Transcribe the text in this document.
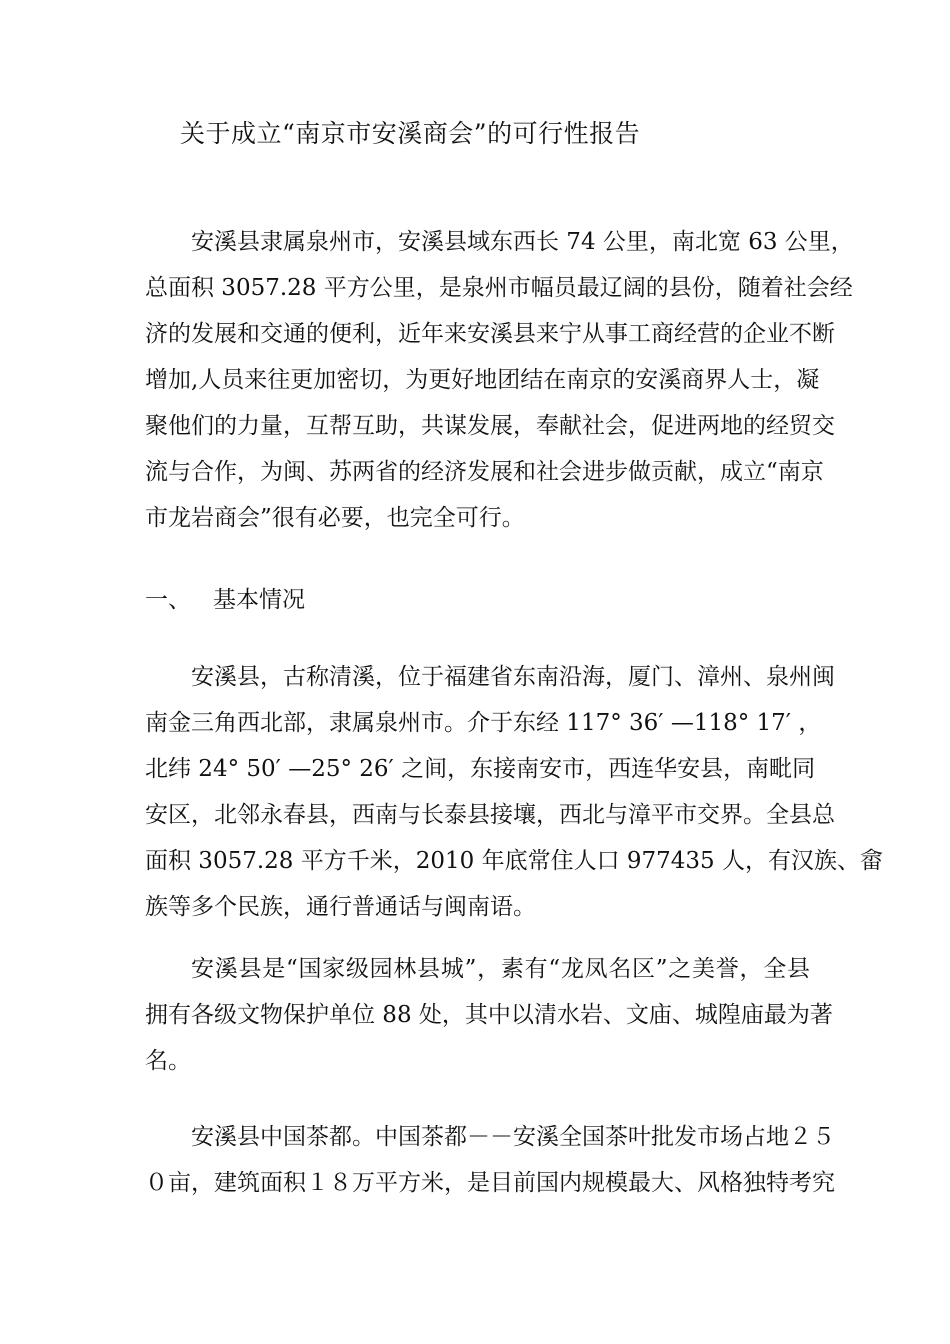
关于成立“南京市安溪商会”的可行性报告
安溪县隶属泉州市，安溪县域东西长 74 公里，南北宽 63 公里，
总面积 3057.28 平方公里，是泉州市幅员最辽阔的县份，随着社会经
济的发展和交通的便利，近年来安溪县来宁从事工商经营的企业不断
增加,人员来往更加密切，为更好地团结在南京的安溪商界人士，凝
聚他们的力量，互帮互助，共谋发展，奉献社会，促进两地的经贸交
流与合作，为闽、苏两省的经济发展和社会进步做贡献，成立“南京
市龙岩商会”很有必要，也完全可行。
一、 基本情况
安溪县，古称清溪，位于福建省东南沿海，厦门、漳州、泉州闽
南金三角西北部，隶属泉州市。介于东经 117° 36′ —118° 17′ ，
北纬 24° 50′ —25° 26′ 之间，东接南安市，西连华安县，南毗同
安区，北邻永春县，西南与长泰县接壤，西北与漳平市交界。全县总
面积 3057.28 平方千米，2010 年底常住人口 977435 人，有汉族、畲
族等多个民族，通行普通话与闽南语。
安溪县是“国家级园林县城”，素有“龙凤名区”之美誉，全县
拥有各级文物保护单位 88 处，其中以清水岩、文庙、城隍庙最为著
名。
安溪县中国茶都。中国茶都－－安溪全国茶叶批发市场占地２５
０亩，建筑面积１８万平方米，是目前国内规模最大、风格独特考究
